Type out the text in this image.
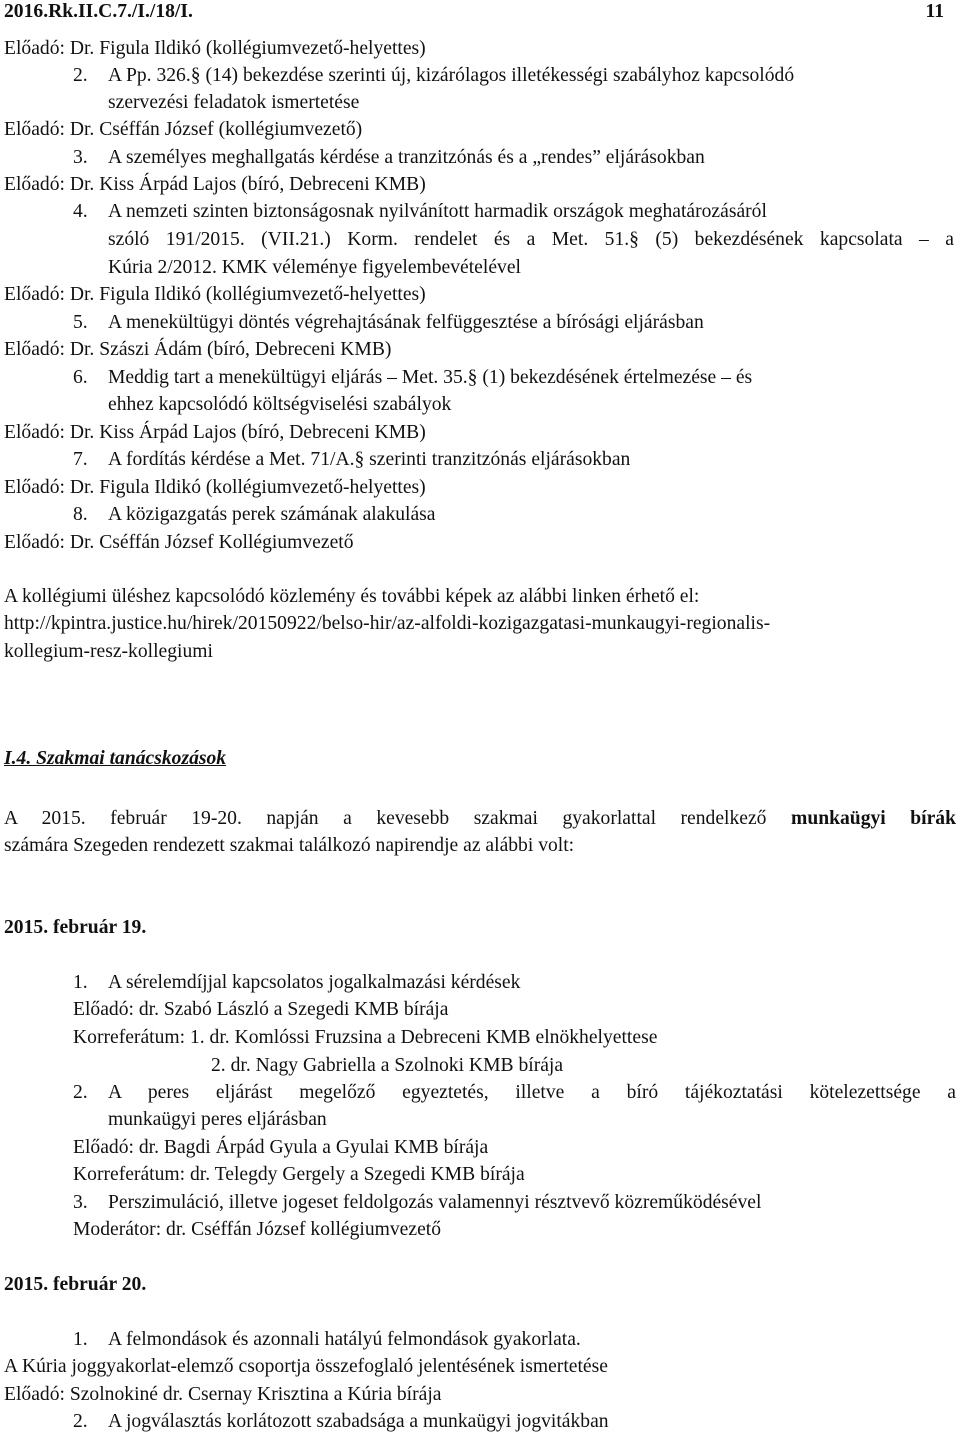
2016.Rk.II.C.7./I./18/I.	11
Előadó: Dr. Figula Ildikó (kollégiumvezető-helyettes)
2. A Pp. 326.§ (14) bekezdése szerinti új, kizárólagos illetékességi szabályhoz kapcsolódó
szervezési feladatok ismertetése
Előadó: Dr. Cséffán József (kollégiumvezető)
3. A személyes meghallgatás kérdése a tranzitzónás és a „rendes” eljárásokban
Előadó: Dr. Kiss Árpád Lajos (bíró, Debreceni KMB)
4. A nemzeti szinten biztonságosnak nyilvánított harmadik országok meghatározásáról
szóló 191/2015. (VII.21.) Korm. rendelet és a Met. 51.§ (5) bekezdésének kapcsolata – a
Kúria 2/2012. KMK véleménye figyelembevételével
Előadó: Dr. Figula Ildikó (kollégiumvezető-helyettes)
5. A menekültügyi döntés végrehajtásának felfüggesztése a bírósági eljárásban
Előadó: Dr. Szászi Ádám (bíró, Debreceni KMB)
6. Meddig tart a menekültügyi eljárás – Met. 35.§ (1) bekezdésének értelmezése – és
ehhez kapcsolódó költségviselési szabályok
Előadó: Dr. Kiss Árpád Lajos (bíró, Debreceni KMB)
7. A fordítás kérdése a Met. 71/A.§ szerinti tranzitzónás eljárásokban
Előadó: Dr. Figula Ildikó (kollégiumvezető-helyettes)
8. A közigazgatás perek számának alakulása
Előadó: Dr. Cséffán József Kollégiumvezető
A kollégiumi üléshez kapcsolódó közlemény és további képek az alábbi linken érhető el:
http://kpintra.justice.hu/hirek/20150922/belso-hir/az-alfoldi-kozigazgatasi-munkaugyi-regionalis-
kollegium-resz-kollegiumi
I.4. Szakmai tanácskozások
A 2015. február 19-20. napján a kevesebb szakmai gyakorlattal rendelkező munkaügyi bírák
számára Szegeden rendezett szakmai találkozó napirendje az alábbi volt:
2015. február 19.
1. A sérelemdíjjal kapcsolatos jogalkalmazási kérdések
Előadó: dr. Szabó László a Szegedi KMB bírája
Korreferátum: 1. dr. Komlóssi Fruzsina a Debreceni KMB elnökhelyettese
2. dr. Nagy Gabriella a Szolnoki KMB bírája
2. A peres eljárást megelőző egyeztetés, illetve a bíró tájékoztatási kötelezettsége a
munkaügyi peres eljárásban
Előadó: dr. Bagdi Árpád Gyula a Gyulai KMB bírája
Korreferátum: dr. Telegdy Gergely a Szegedi KMB bírája
3. Perszimuláció, illetve jogeset feldolgozás valamennyi résztvevő közreműködésével
Moderátor: dr. Cséffán József kollégiumvezető
2015. február 20.
1. A felmondások és azonnali hatályú felmondások gyakorlata.
A Kúria joggyakorlat-elemző csoportja összefoglaló jelentésének ismertetése
Előadó: Szolnokiné dr. Csernay Krisztina a Kúria bírája
2. A jogválasztás korlátozott szabadsága a munkaügyi jogvitákban
